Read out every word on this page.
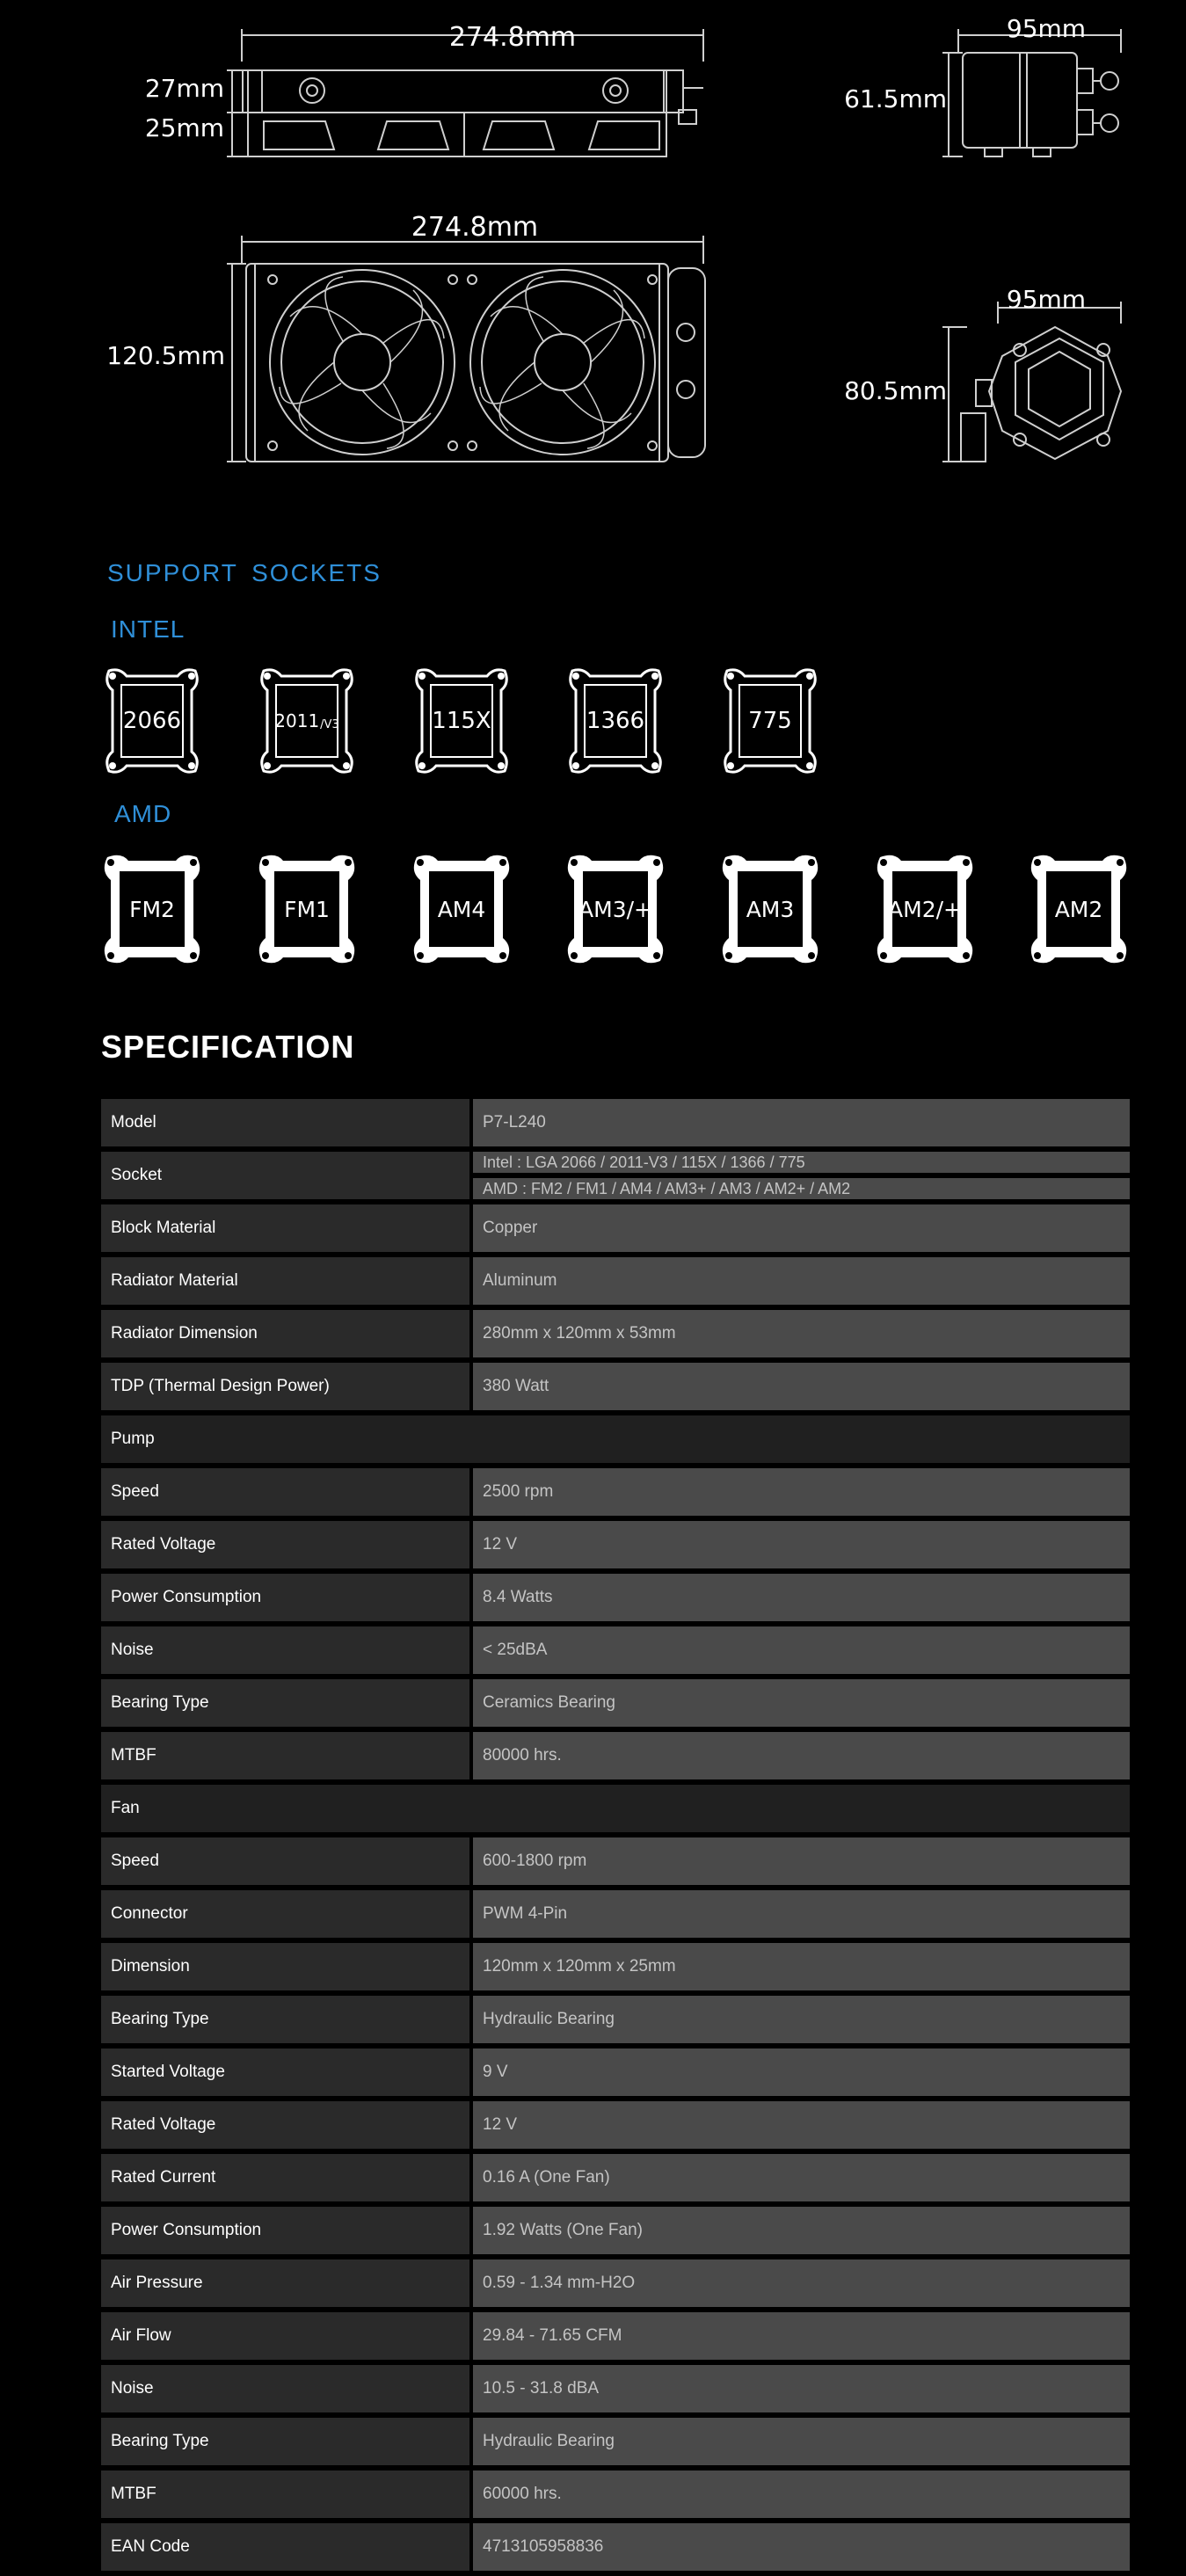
274.8mm
27mm
25mm
274.8mm
120.5mm
95mm
61.5mm
95mm
80.5mm
SUPPORT SOCKETS
INTEL
AMD
2066	2011 /V3	115X	1366	775
FM2	FM1	AM4	AM3/+	AM3	AM2/+	AM2
SPECIFICATION
Model	P7-L240
Socket
Intel : LGA 2066 / 2011-V3 / 115X / 1366 / 775
AMD : FM2 / FM1 / AM4 / AM3+ / AM3 / AM2+ / AM2
Block Material	Copper
Radiator Material	Aluminum
Radiator Dimension	280mm x 120mm x 53mm
TDP (Thermal Design Power)	380 Watt
Pump
Speed	2500 rpm
Rated Voltage	12 V
Power Consumption	8.4 Watts
Noise	< 25dBA
Bearing Type	Ceramics Bearing
MTBF	80000 hrs.
Fan
Speed	600-1800 rpm
Connector	PWM 4-Pin
Dimension	120mm x 120mm x 25mm
Bearing Type	Hydraulic Bearing
Started Voltage	9 V
Rated Voltage	12 V
Rated Current	0.16 A (One Fan)
Power Consumption	1.92 Watts (One Fan)
Air Pressure	0.59 - 1.34 mm-H2O
Air Flow	29.84 - 71.65 CFM
Noise	10.5 - 31.8 dBA
Bearing Type	Hydraulic Bearing
MTBF	60000 hrs.
EAN Code	4713105958836
